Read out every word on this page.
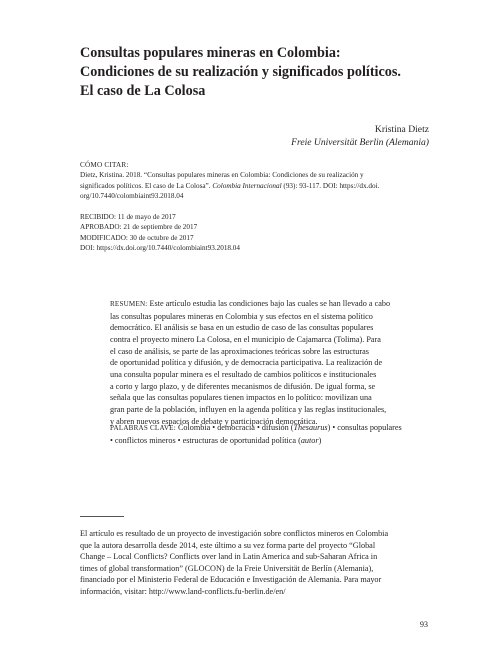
Consultas populares mineras en Colombia:
Condiciones de su realización y significados políticos.
El caso de La Colosa
Kristina Dietz
Freie Universität Berlin (Alemania)
CÓMO CITAR:
Dietz, Kristina. 2018. “Consultas populares mineras en Colombia: Condiciones de su realización y
significados políticos. El caso de La Colosa”. Colombia Internacional (93): 93-117. DOI: https://dx.doi.
org/10.7440/colombiaint93.2018.04
RECIBIDO: 11 de mayo de 2017
APROBADO: 21 de septiembre de 2017
MODIFICADO: 30 de octubre de 2017
DOI: https://dx.doi.org/10.7440/colombiaint93.2018.04
RESUMEN: Este artículo estudia las condiciones bajo las cuales se han llevado a cabo
las consultas populares mineras en Colombia y sus efectos en el sistema político
democrático. El análisis se basa en un estudio de caso de las consultas populares
contra el proyecto minero La Colosa, en el municipio de Cajamarca (Tolima). Para
el caso de análisis, se parte de las aproximaciones teóricas sobre las estructuras
de oportunidad política y difusión, y de democracia participativa. La realización de
una consulta popular minera es el resultado de cambios políticos e institucionales
a corto y largo plazo, y de diferentes mecanismos de difusión. De igual forma, se
señala que las consultas populares tienen impactos en lo político: movilizan una
gran parte de la población, influyen en la agenda política y las reglas institucionales,
y abren nuevos espacios de debate y participación democrática.
PALABRAS CLAVE: Colombia • democracia • difusión (Thesaurus) • consultas populares
• conflictos mineros • estructuras de oportunidad política (autor)
El artículo es resultado de un proyecto de investigación sobre conflictos mineros en Colombia
que la autora desarrolla desde 2014, este último a su vez forma parte del proyecto “Global
Change – Local Conflicts? Conflicts over land in Latin America and sub-Saharan Africa in
times of global transformation” (GLOCON) de la Freie Universität de Berlín (Alemania),
financiado por el Ministerio Federal de Educación e Investigación de Alemania. Para mayor
información, visitar: http://www.land-conflicts.fu-berlin.de/en/
93
